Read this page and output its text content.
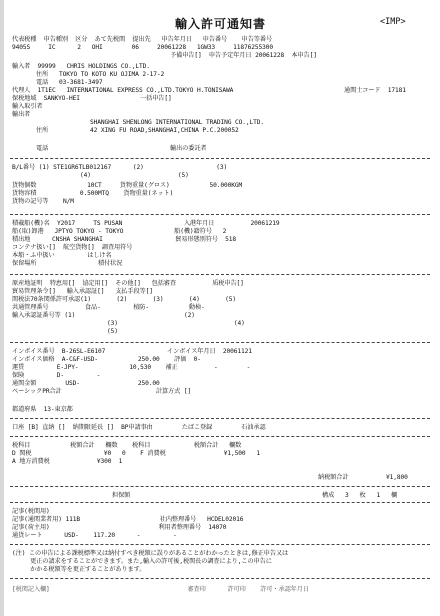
輸入許可通知書	<IMP>
代表税種  申告種別  区分  あて先税関  提出先   申告年月日   申告番号    申告等番号
9405S     IC      2   OHI        06     20061228   1GW33     11876255300
予備申告[]  申告予定年月日 20061228  本申告[]
輸入者  99999   CHRIS HOLDINGS CO.,LTD.
住所   TOKYO TO KOTO KU OJIMA 2-17-2
電話   03-3681-3497
代理人  1T1EC   INTERNATIONAL EXPRESS CO.,LTD.TOKYO H.TONISAWA	通関士コード  17181
保税地域  SANKYO-HEI	一括申告[]
輸入取引者
輸出者
SHANGHAI SHENLONG INTERNATIONAL TRADING CO.,LTD.
住所	42 XING FU ROAD,SHANGHAI,CHINA P.C.200052
電話	輸出の委託者
B/L番号 (1) STE1GR6TLB012167      (2)                    (3)
(4)                        (5)
貨物個数              10CT     貨物重量(グロス)           50.000KGM
貨物容積            0.500MTQ    貨物重量(ネット)
貨物の記号等    N/M
積載船(機)名  Y2017     TS PUSAN                 入港年月日          20061219
船(取)卸港   JPTYO TOKYO - TOKYO              船(機)籍符号   2
積出地      CNSHA SHANGHAI                    貿易形態別符号  518
コンテナ扱い[]  航空貨物[]  調査用符号
本船・ふ中扱い         はしけ名
保留場所                 積付状況
原産地証明  特恵用[]  協定用[]  その他[]   包括審査          质税申告[]
貿易管理条令[]   輸入承認証[]   支払手段等[]
関税法70条関係許可承認(1)       (2)       (3)       (4)       (5)
共通管理番号          食品-         植防-           動検-
輸入承認証番号等 (1)                              (2)
(3)                                (4)
(5)
インボイス番号  B-26SL-E6107                 インボイス年月日  20061121
インボイス価格  A-C&F-USD-           250.00    評価  0-
運賃         E-JPY-              10,530    補正          -        -
保険         D-         -
通関金額        USD-                250.00
ベーシックPR合計                          計算方式 []
都道府県  13-東京都
口座 [B] 直納 []  納期限延長 []  BP申請事由        たばこ登録        石油承認
税科目           税額合計   欄数    税科目            税額合計   欄数
D 関税                    ¥0   0    F 消費税                ¥1,500   1
A 地方消費税             ¥300  1
納税額合計	¥1,800
担保額	構成   3   枚   1   欄
記事(税関用)
記事(通関業者用) 111B                      社内整理番号   HCDEL02016
記事(荷主用)                              利用者整理番号  14070
通貨レート      USD-    117.20      -         -
(注) この申告による課税標準又は納付すべき税額に誤りがあることがわかったときは,修正申告又は
更正の請求をすることができます。また,輸入の許可後,税関長の調査により,この申告に
かかる税額等を更正することがあります。
[税関記入欄]                                      審査印      許可印    許可・承認年月日
